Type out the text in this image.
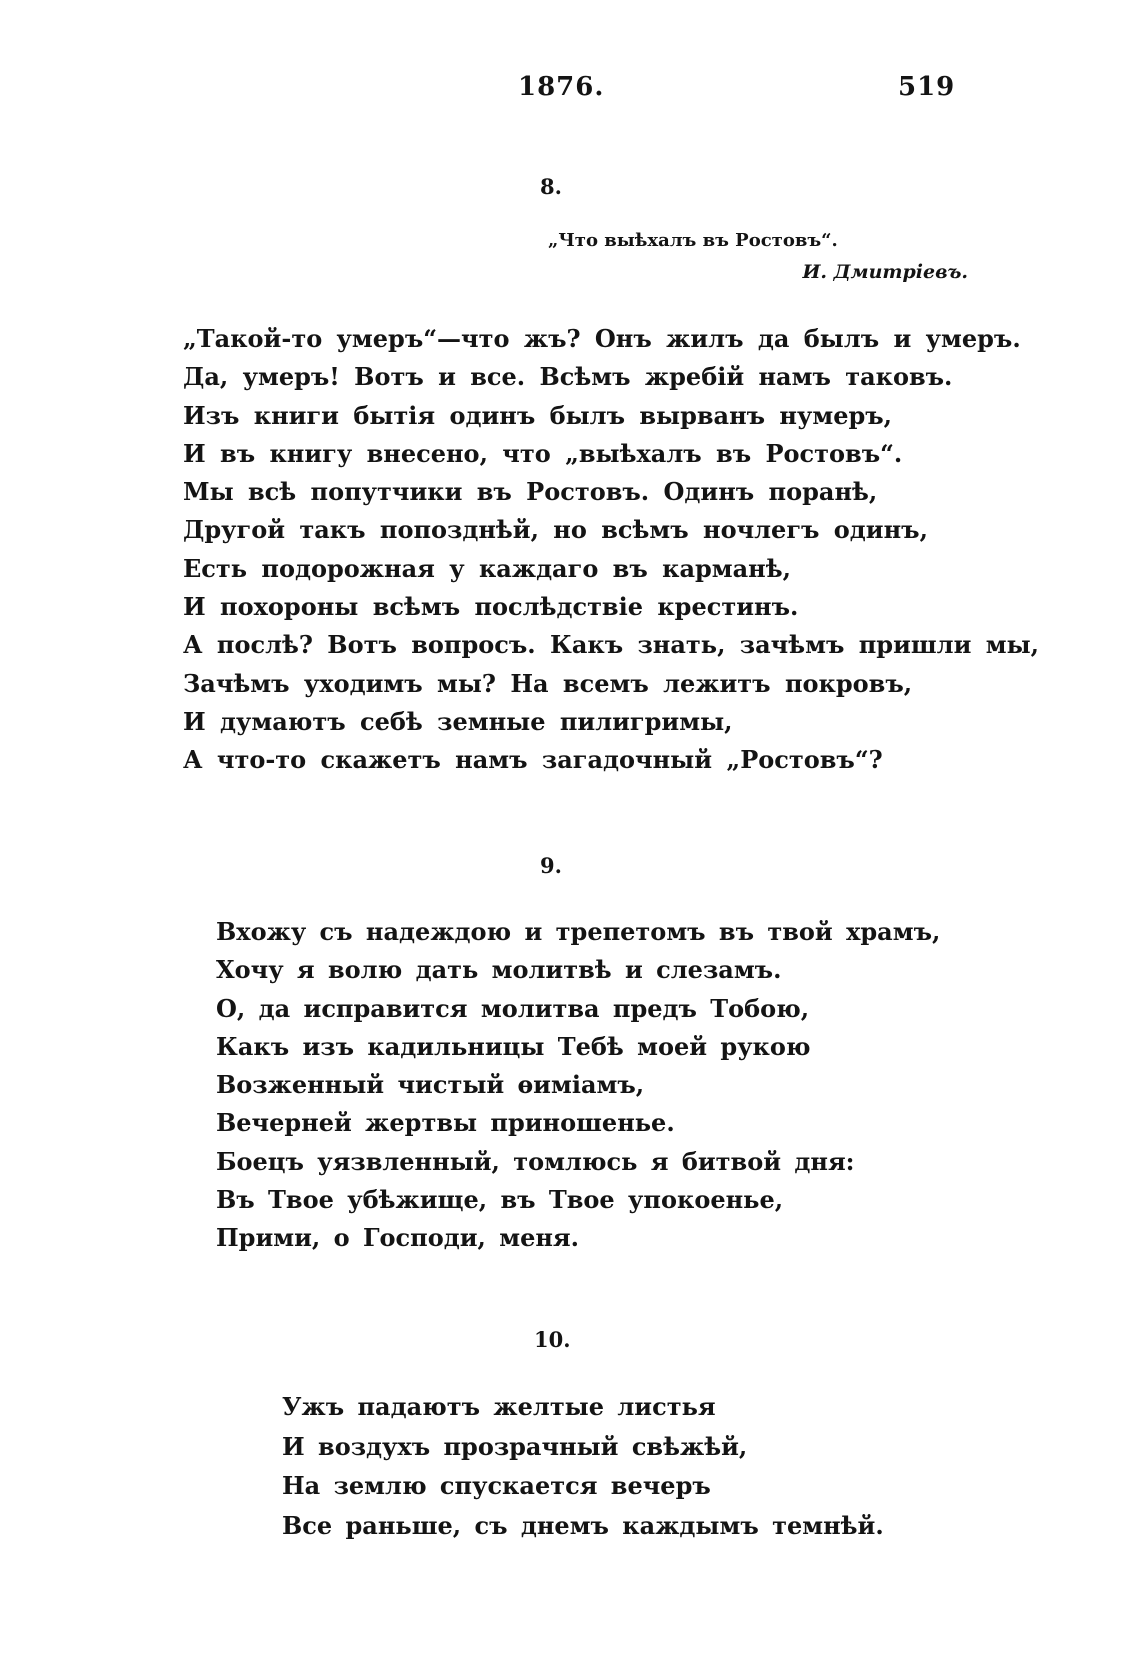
1876.	519
8.
„Что выѣхалъ въ Ростовъ“.
И. Дмитріевъ.
„Такой-то умеръ“—что жъ? Онъ жилъ да былъ и умеръ.
Да, умеръ! Вотъ и все. Всѣмъ жребій намъ таковъ.
Изъ книги бытія одинъ былъ вырванъ нумеръ,
И въ книгу внесено, что „выѣхалъ въ Ростовъ“.
Мы всѣ попутчики въ Ростовъ. Одинъ поранѣ,
Другой такъ попозднѣй, но всѣмъ ночлегъ одинъ,
Есть подорожная у каждаго въ карманѣ,
И похороны всѣмъ послѣдствіе крестинъ.
А послѣ? Вотъ вопросъ. Какъ знать, зачѣмъ пришли мы,
Зачѣмъ уходимъ мы? На всемъ лежитъ покровъ,
И думаютъ себѣ земные пилигримы,
А что-то скажетъ намъ загадочный „Ростовъ“?
9.
Вхожу съ надеждою и трепетомъ въ твой храмъ,
Хочу я волю дать молитвѣ и слезамъ.
О, да исправится молитва предъ Тобою,
Какъ изъ кадильницы Тебѣ моей рукою
Возженный чистый ѳиміамъ,
Вечерней жертвы приношенье.
Боецъ уязвленный, томлюсь я битвой дня:
Въ Твое убѣжище, въ Твое упокоенье,
Прими, о Господи, меня.
10.
Ужъ падаютъ желтые листья
И воздухъ прозрачный свѣжѣй,
На землю спускается вечеръ
Все раньше, съ днемъ каждымъ темнѣй.
